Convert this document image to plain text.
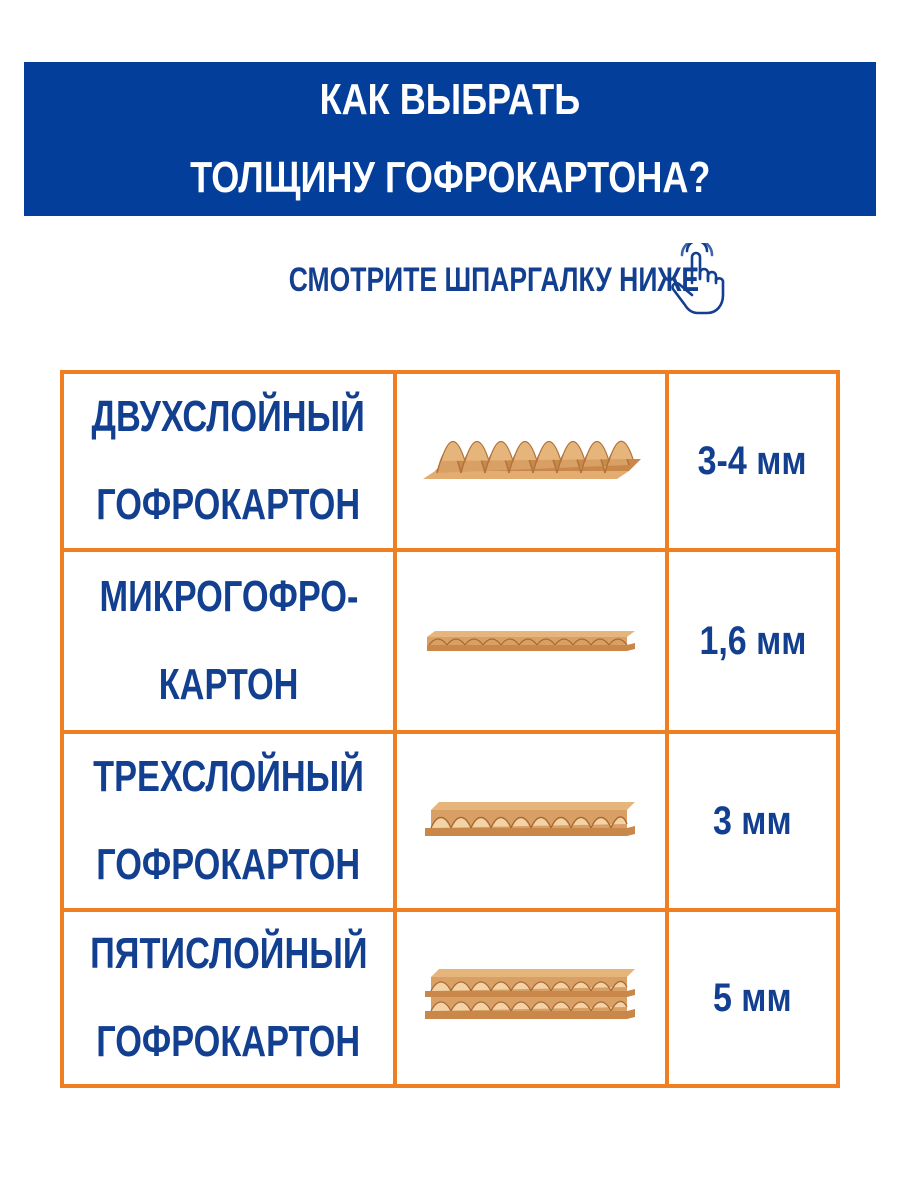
КАК ВЫБРАТЬ
ТОЛЩИНУ ГОФРОКАРТОНА?
СМОТРИТЕ ШПАРГАЛКУ НИЖЕ
ДВУХСЛОЙНЫЙ
ГОФРОКАРТОН
3-4 мм
МИКРОГОФРО-
КАРТОН
1,6 мм
ТРЕХСЛОЙНЫЙ
ГОФРОКАРТОН
3 мм
ПЯТИСЛОЙНЫЙ
ГОФРОКАРТОН
5 мм
